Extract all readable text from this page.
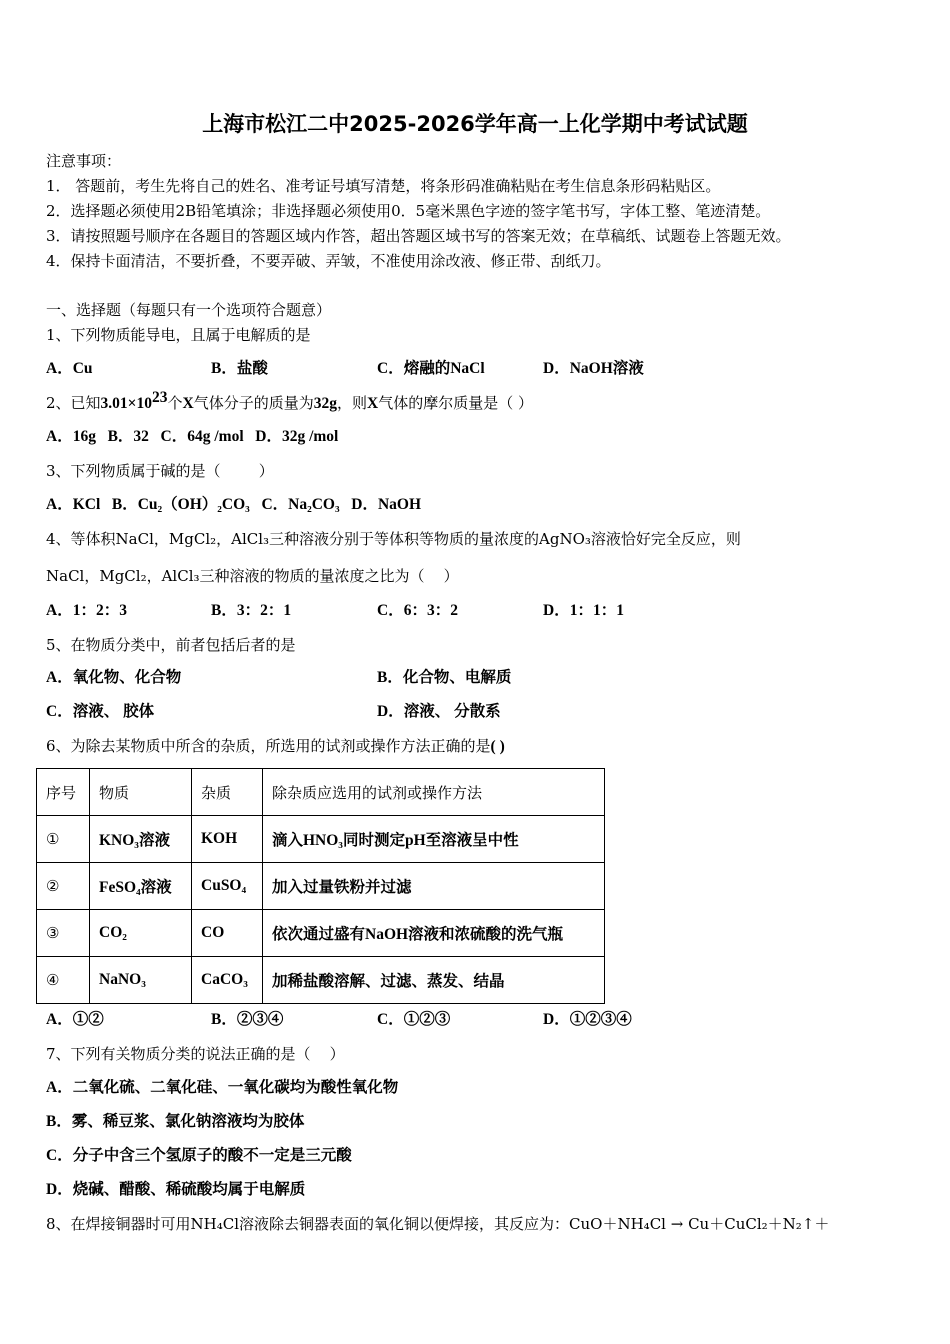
上海市松江二中2025-2026学年高一上化学期中考试试题
注意事项：
1． 答题前，考生先将自己的姓名、准考证号填写清楚，将条形码准确粘贴在考生信息条形码粘贴区。
2．选择题必须使用2B铅笔填涂；非选择题必须使用0．5毫米黑色字迹的签字笔书写，字体工整、笔迹清楚。
3．请按照题号顺序在各题目的答题区域内作答，超出答题区域书写的答案无效；在草稿纸、试题卷上答题无效。
4．保持卡面清洁，不要折叠，不要弄破、弄皱，不准使用涂改液、修正带、刮纸刀。
一、选择题（每题只有一个选项符合题意）
1、下列物质能导电，且属于电解质的是
A．Cu	B．盐酸	C．熔融的NaCl	D．NaOH溶液
2、已知$3.01\times 10^{23}$个X气体分子的质量为32g，则X气体的摩尔质量是（ ）
A．16g   B．32   C．64g /mol   D．32g /mol
3、下列物质属于碱的是（        ）
A．KCl   B．Cu₂（OH）₂CO₃   C．Na₂CO₃   D．NaOH
4、等体积NaCl，MgCl₂，AlCl₃三种溶液分别于等体积等物质的量浓度的AgNO₃溶液恰好完全反应，则
NaCl，MgCl₂，AlCl₃三种溶液的物质的量浓度之比为（    ）
A．1：2：3	B．3：2：1	C．6：3：2	D．1：1：1
5、在物质分类中，前者包括后者的是
A．氧化物、化合物	B．化合物、电解质
C．溶液、 胶体	D．溶液、 分散系
6、为除去某物质中所含的杂质，所选用的试剂或操作方法正确的是( )
序号	物质	杂质	除杂质应选用的试剂或操作方法
①	KNO₃溶液	KOH	滴入HNO₃同时测定pH至溶液呈中性
②	FeSO₄溶液	CuSO₄	加入过量铁粉并过滤
③	CO₂	CO	依次通过盛有NaOH溶液和浓硫酸的洗气瓶
④	NaNO₃	CaCO₃	加稀盐酸溶解、过滤、蒸发、结晶
A．①②	B．②③④	C．①②③	D．①②③④
7、下列有关物质分类的说法正确的是（    ）
A．二氧化硫、二氧化硅、一氧化碳均为酸性氧化物
B．雾、稀豆浆、氯化钠溶液均为胶体
C．分子中含三个氢原子的酸不一定是三元酸
D．烧碱、醋酸、稀硫酸均属于电解质
8、在焊接铜器时可用NH₄Cl溶液除去铜器表面的氧化铜以便焊接，其反应为：CuO＋NH₄Cl → Cu＋CuCl₂＋N₂↑＋
